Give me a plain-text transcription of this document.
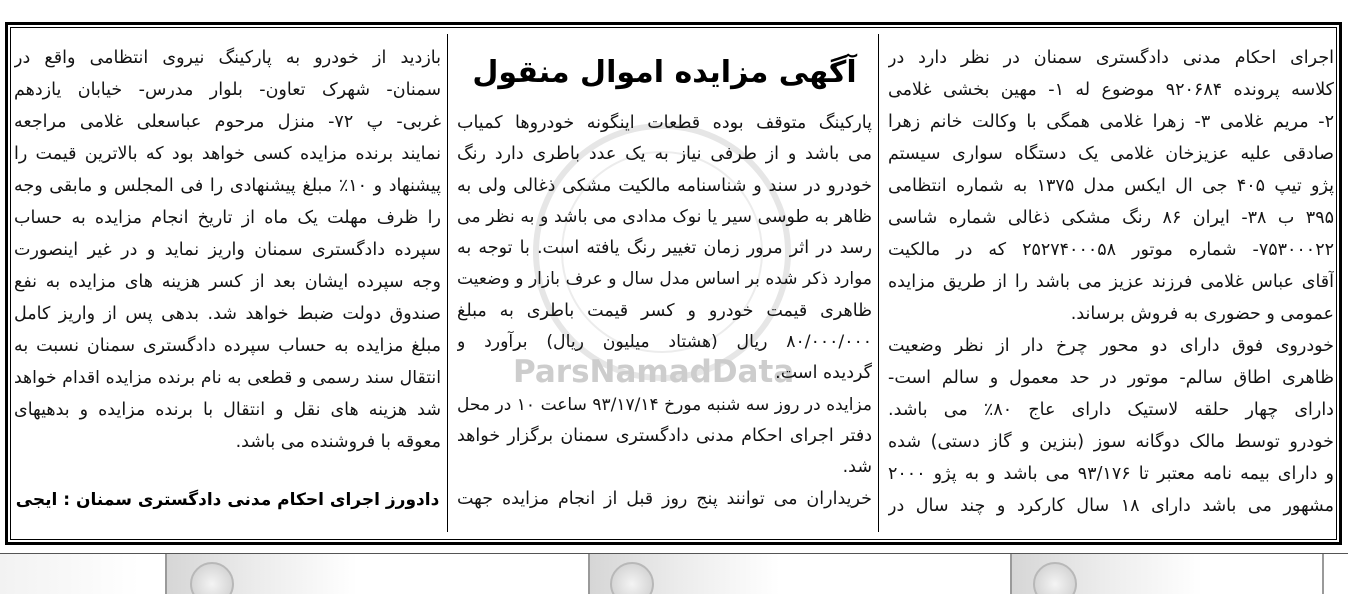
ParsNamadData
اجرای احکام مدنی دادگستری سمنان در نظر دارد در
کلاسه پرونده ۹۲۰۶۸۴ موضوع له ۱- مهین بخشی غلامی
۲- مریم غلامی ۳- زهرا غلامی همگی با وکالت خانم زهرا
صادقی علیه عزیزخان غلامی یک دستگاه سواری سیستم
پژو تیپ ۴۰۵ جی ال ایکس مدل ۱۳۷۵ به شماره انتظامی
۳۹۵ ب ۳۸- ایران ۸۶ رنگ مشکی ذغالی شماره شاسی
۷۵۳۰۰۰۲۲- شماره موتور ۲۵۲۷۴۰۰۰۵۸ که در مالکیت
آقای عباس غلامی فرزند عزیز می باشد را از طریق مزایده
عمومی و حضوری به فروش برساند.
خودروی فوق دارای دو محور چرخ دار از نظر وضعیت
ظاهری اطاق سالم- موتور در حد معمول و سالم است-
دارای چهار حلقه لاستیک دارای عاج ۸۰٪ می باشد.
خودرو توسط مالک دوگانه سوز (بنزین و گاز دستی) شده
و دارای بیمه نامه معتبر تا ۹۳/۱۷۶ می باشد و به پژو ۲۰۰۰
مشهور می باشد دارای ۱۸ سال کارکرد و چند سال در
آگهی مزایده اموال منقول
پارکینگ متوقف بوده قطعات اینگونه خودروها کمیاب
می باشد و از طرفی نیاز به یک عدد باطری دارد رنگ
خودرو در سند و شناسنامه مالکیت مشکی ذغالی ولی به
ظاهر به طوسی سیر یا نوک مدادی می باشد و به نظر می
رسد در اثر مرور زمان تغییر رنگ یافته است. با توجه به
موارد ذکر شده بر اساس مدل سال و عرف بازار و وضعیت
ظاهری قیمت خودرو و کسر قیمت باطری به مبلغ
۸۰/۰۰۰/۰۰۰ ریال (هشتاد میلیون ریال) برآورد و
گردیده است.
مزایده در روز سه شنبه مورخ ۹۳/۱۷/۱۴ ساعت ۱۰ در محل
دفتر اجرای احکام مدنی دادگستری سمنان برگزار خواهد
شد.
خریداران می توانند پنج روز قبل از انجام مزایده جهت
بازدید از خودرو به پارکینگ نیروی انتظامی واقع در
سمنان- شهرک تعاون- بلوار مدرس- خیابان یازدهم
غربی- پ ۷۲- منزل مرحوم عباسعلی غلامی مراجعه
نمایند برنده مزایده کسی خواهد بود که بالاترین قیمت را
پیشنهاد و ۱۰٪ مبلغ پیشنهادی را فی المجلس و مابقی وجه
را ظرف مهلت یک ماه از تاریخ انجام مزایده به حساب
سپرده دادگستری سمنان واریز نماید و در غیر اینصورت
وجه سپرده ایشان بعد از کسر هزینه های مزایده به نفع
صندوق دولت ضبط خواهد شد. بدهی پس از واریز کامل
مبلغ مزایده به حساب سپرده دادگستری سمنان نسبت به
انتقال سند رسمی و قطعی به نام برنده مزایده اقدام خواهد
شد هزینه های نقل و انتقال با برنده مزایده و بدهیهای
معوقه با فروشنده می باشد.
دادورز اجرای احکام مدنی دادگستری سمنان : ایجی
